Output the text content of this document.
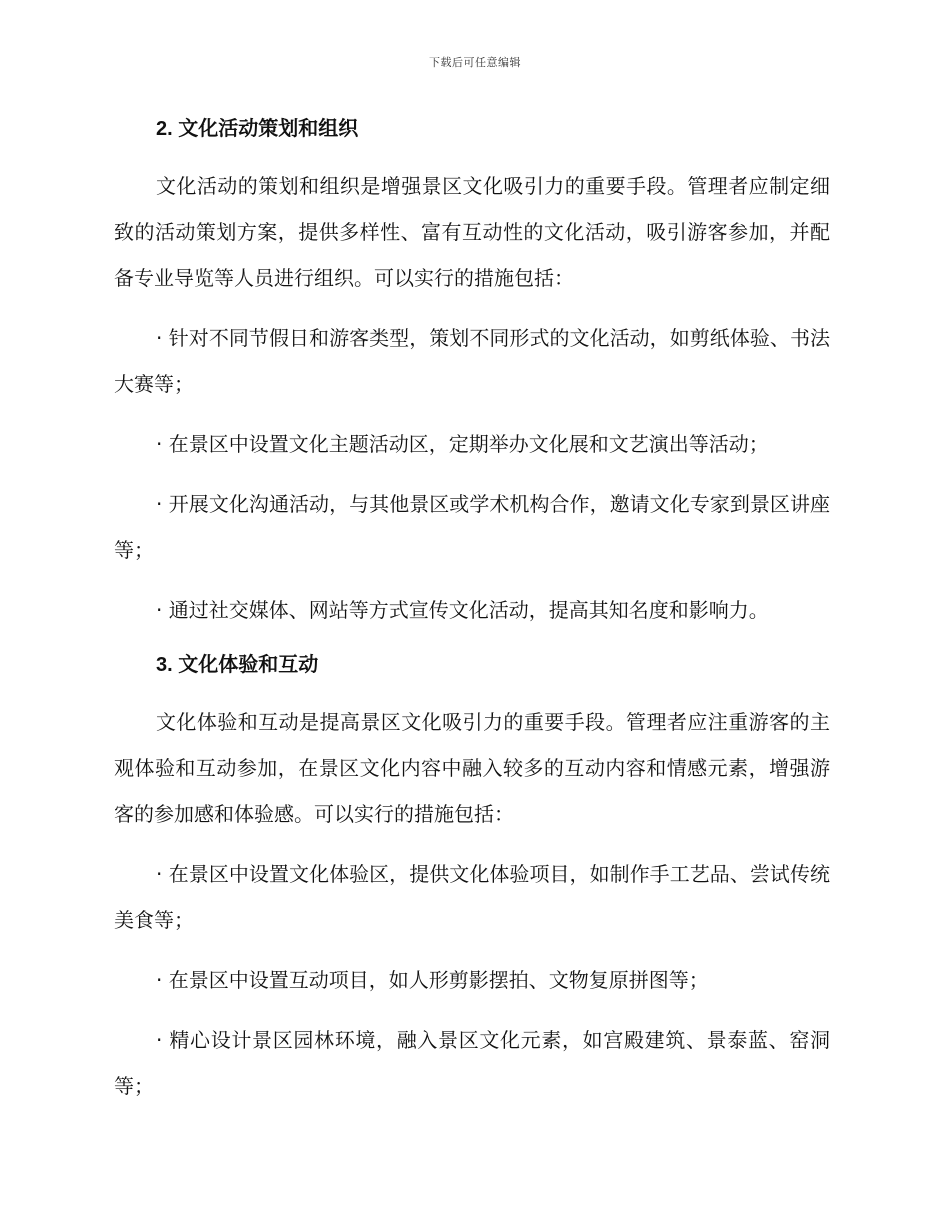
下载后可任意编辑
2. 文化活动策划和组织

文化活动的策划和组织是增强景区文化吸引力的重要手段。管理者应制定细致的活动策划方案，提供多样性、富有互动性的文化活动，吸引游客参加，并配备专业导览等人员进行组织。可以实行的措施包括：

· 针对不同节假日和游客类型，策划不同形式的文化活动，如剪纸体验、书法大赛等；

· 在景区中设置文化主题活动区，定期举办文化展和文艺演出等活动；

· 开展文化沟通活动，与其他景区或学术机构合作，邀请文化专家到景区讲座等；

· 通过社交媒体、网站等方式宣传文化活动，提高其知名度和影响力。

3. 文化体验和互动

文化体验和互动是提高景区文化吸引力的重要手段。管理者应注重游客的主观体验和互动参加，在景区文化内容中融入较多的互动内容和情感元素，增强游客的参加感和体验感。可以实行的措施包括：

· 在景区中设置文化体验区，提供文化体验项目，如制作手工艺品、尝试传统美食等；

· 在景区中设置互动项目，如人形剪影摆拍、文物复原拼图等；

· 精心设计景区园林环境，融入景区文化元素，如宫殿建筑、景泰蓝、窑洞等；
